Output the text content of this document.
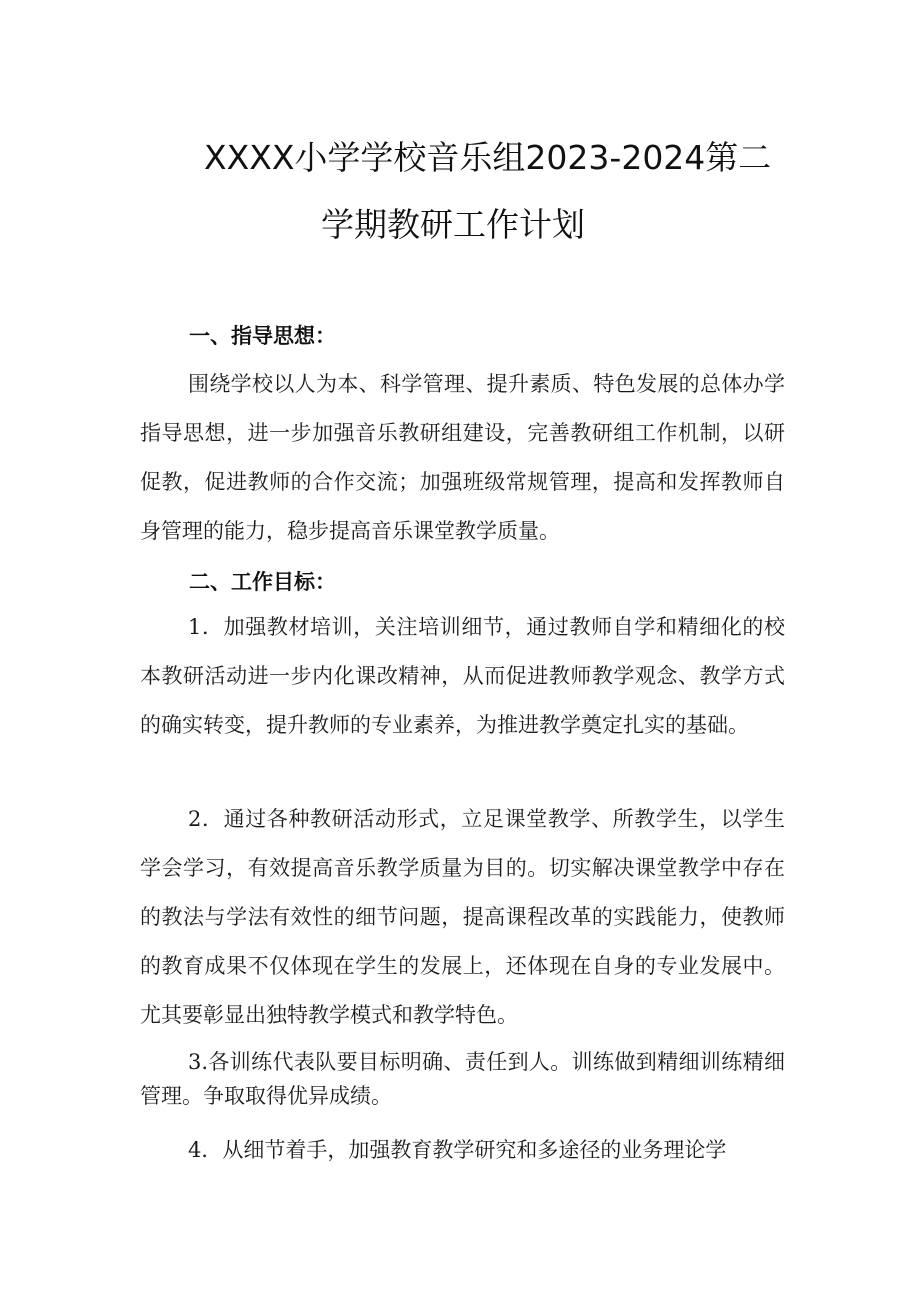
XXXX小学学校音乐组2023-2024第二
学期教研工作计划
一、指导思想：
围绕学校以人为本、科学管理、提升素质、特色发展的总体办学指导思想，进一步加强音乐教研组建设，完善教研组工作机制，以研促教，促进教师的合作交流；加强班级常规管理，提高和发挥教师自身管理的能力，稳步提高音乐课堂教学质量。
二、工作目标：
1．加强教材培训，关注培训细节，通过教师自学和精细化的校本教研活动进一步内化课改精神，从而促进教师教学观念、教学方式的确实转变，提升教师的专业素养，为推进教学奠定扎实的基础。
2．通过各种教研活动形式，立足课堂教学、所教学生，以学生学会学习，有效提高音乐教学质量为目的。切实解决课堂教学中存在的教法与学法有效性的细节问题，提高课程改革的实践能力，使教师的教育成果不仅体现在学生的发展上，还体现在自身的专业发展中。尤其要彰显出独特教学模式和教学特色。
3.各训练代表队要目标明确、责任到人。训练做到精细训练精细管理。争取取得优异成绩。
4．从细节着手，加强教育教学研究和多途径的业务理论学
